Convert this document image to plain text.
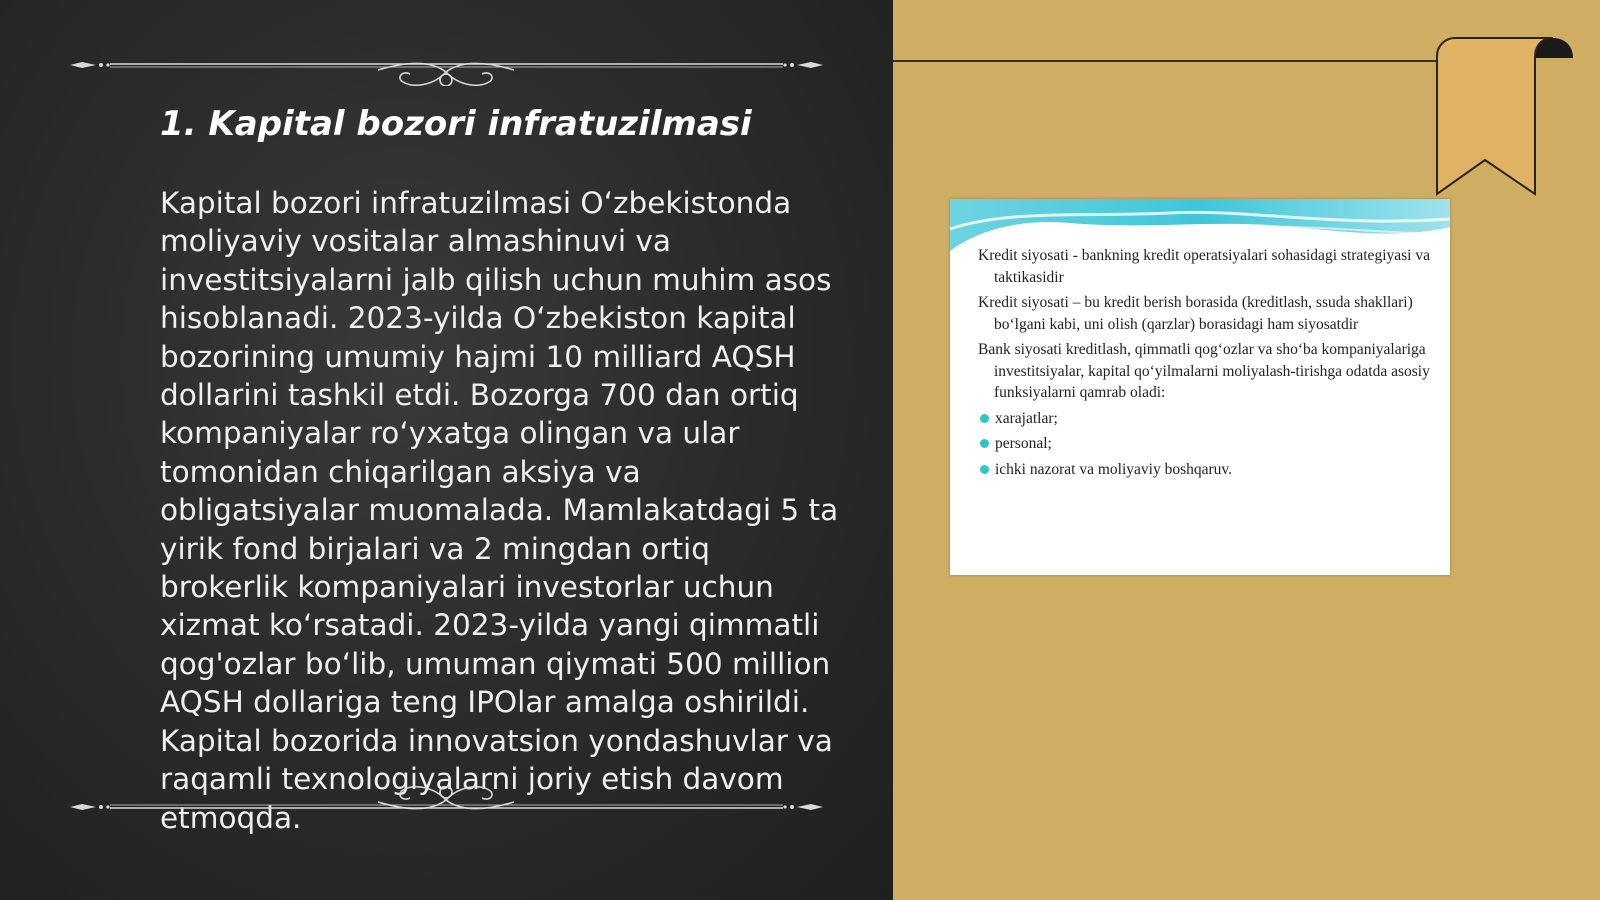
1. Kapital bozori infratuzilmasi

Kapital bozori infratuzilmasi O‘zbekistonda moliyaviy vositalar almashinuvi va investitsiyalarni jalb qilish uchun muhim asos hisoblanadi. 2023-yilda O‘zbekiston kapital bozorining umumiy hajmi 10 milliard AQSH dollarini tashkil etdi. Bozorga 700 dan ortiq kompaniyalar ro‘yxatga olingan va ular tomonidan chiqarilgan aksiya va obligatsiyalar muomalada. Mamlakatdagi 5 ta yirik fond birjalari va 2 mingdan ortiq brokerlik kompaniyalari investorlar uchun xizmat ko‘rsatadi. 2023-yilda yangi qimmatli qog'ozlar bo‘lib, umuman qiymati 500 million AQSH dollariga teng IPOlar amalga oshirildi. Kapital bozorida innovatsion yondashuvlar va raqamli texnologiyalarni joriy etish davom etmoqda.

Kredit siyosati - bankning kredit operatsiyalari sohasidagi strategiyasi va taktikasidir

Kredit siyosati – bu kredit berish borasida (kreditlash, ssuda shakllari) bo‘lgani kabi, uni olish (qarzlar) borasidagi ham siyosatdir

Bank siyosati kreditlash, qimmatli qog‘ozlar va sho‘ba kompaniyalariga investitsiyalar, kapital qo‘yilmalarni moliyalash-tirishga odatda asosiy funksiyalarni qamrab oladi:

xarajatlar;
personal;
ichki nazorat va moliyaviy boshqaruv.
